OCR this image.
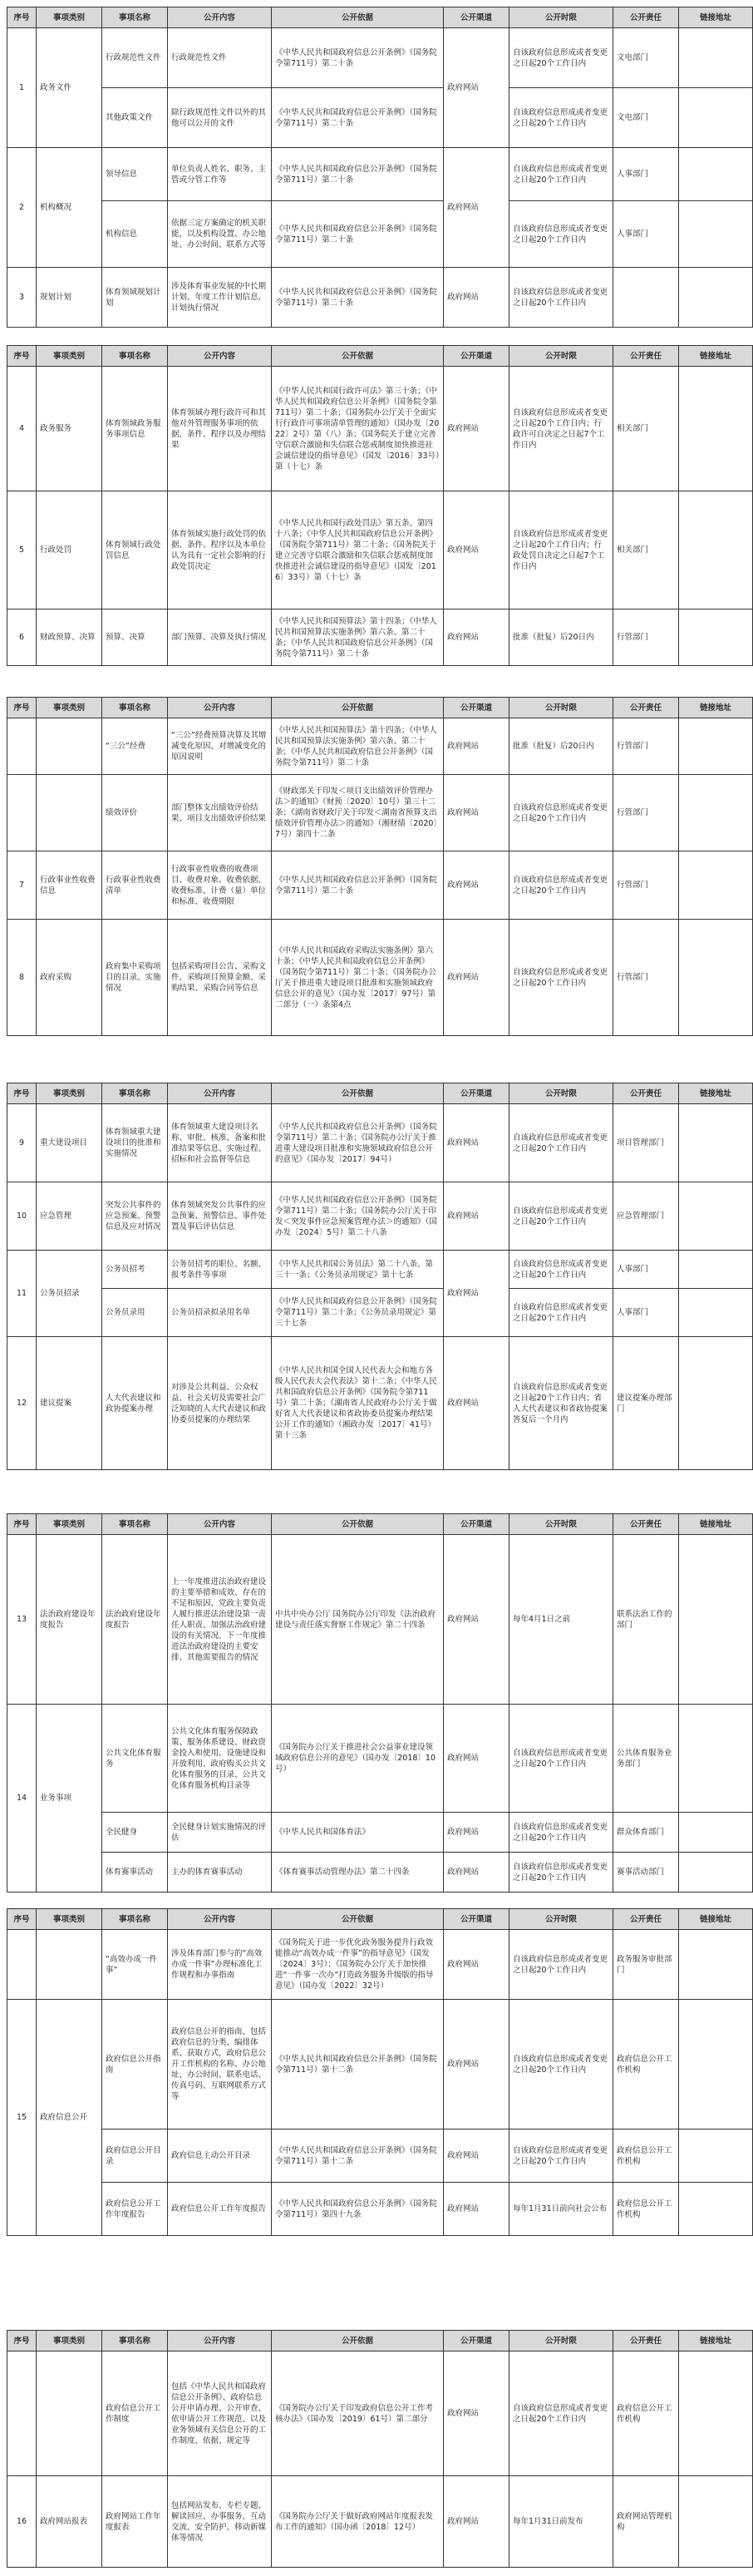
序号	事项类别	事项名称	公开内容	公开依据	公开渠道	公开时限	公开责任	链接地址
1	政务文件	行政规范性文件	行政规范性文件	《中华人民共和国政府信息公开条例》（国务院令第711号）第二十条	政府网站	自该政府信息形成或者变更之日起20个工作日内	文电部门	
		其他政策文件	除行政规范性文件以外的其他可以公开的文件	《中华人民共和国政府信息公开条例》（国务院令第711号）第二十条		自该政府信息形成或者变更之日起20个工作日内	文电部门	
2	机构概况	领导信息	单位负责人姓名、职务、主管或分管工作等	《中华人民共和国政府信息公开条例》（国务院令第711号）第二十条	政府网站	自该政府信息形成或者变更之日起20个工作日内	人事部门	
		机构信息	依据三定方案确定的机关职能，以及机构设置、办公地址、办公时间、联系方式等	《中华人民共和国政府信息公开条例》（国务院令第711号）第二十条		自该政府信息形成或者变更之日起20个工作日内	人事部门	
3	规划计划	体育领域规划计划	涉及体育事业发展的中长期计划、年度工作计划信息、计划执行情况	《中华人民共和国政府信息公开条例》（国务院令第711号）第二十条	政府网站	自该政府信息形成或者变更之日起20个工作日内		
序号	事项类别	事项名称	公开内容	公开依据	公开渠道	公开时限	公开责任	链接地址
4	政务服务	体育领域政务服务事项信息	体育领域办理行政许可和其他对外管理服务事项的依据、条件、程序以及办理结果	《中华人民共和国行政许可法》第三十条；《中华人民共和国政府信息公开条例》（国务院令第711号）第二十条；《国务院办公厅关于全面实行行政许可事项清单管理的通知》（国办发〔2022〕2号）第（八）条；《国务院关于建立完善守信联合激励和失信联合惩戒制度加快推进社会诚信建设的指导意见》（国发〔2016〕33号）第（十七）条	政府网站	自该政府信息形成或者变更之日起20个工作日内；行政许可自决定之日起7个工作日内	相关部门	
5	行政处罚	体育领域行政处罚信息	体育领域实施行政处罚的依据、条件、程序以及本单位认为具有一定社会影响的行政处罚决定	《中华人民共和国行政处罚法》第五条、第四十八条；《中华人民共和国政府信息公开条例》（国务院令第711号）第二十条；《国务院关于建立完善守信联合激励和失信联合惩戒制度加快推进社会诚信建设的指导意见》（国发〔2016〕33号）第（十七）条	政府网站	自该政府信息形成或者变更之日起20个工作日内；行政处罚自决定之日起7个工作日内	相关部门	
6	财政预算、决算	预算、决算	部门预算、决算及执行情况	《中华人民共和国预算法》第十四条；《中华人民共和国预算法实施条例》第六条、第二十条；《中华人民共和国政府信息公开条例》（国务院令第711号）第二十条	政府网站	批准（批复）后20日内	行管部门	
序号	事项类别	事项名称	公开内容	公开依据	公开渠道	公开时限	公开责任	链接地址
		“三公”经费	“三公”经费预算决算及其增减变化原因、对增减变化的原因说明	《中华人民共和国预算法》第十四条；《中华人民共和国预算法实施条例》第六条、第二十条；《中华人民共和国政府信息公开条例》（国务院令第711号）第二十条	政府网站	批准（批复）后20日内	行管部门	
		绩效评价	部门整体支出绩效评价结果、项目支出绩效评价结果	《财政部关于印发＜项目支出绩效评价管理办法＞的通知》（财预〔2020〕10号）第三十二条；《湖南省财政厅关于印发＜湖南省预算支出绩效评价管理办法＞的通知》（湘财绩〔2020〕7号）第四十二条	政府网站	自该政府信息形成或者变更之日起20个工作日内	行管部门	
7	行政事业性收费信息	行政事业性收费清单	行政事业性收费的收费项目、收费对象、收费依据、收费标准、计费（量）单位和标准、收费期限	《中华人民共和国政府信息公开条例》（国务院令第711号）第二十条	政府网站	自该政府信息形成或者变更之日起20个工作日内	行管部门	
8	政府采购	政府集中采购项目的目录、实施情况	包括采购项目公告、采购文件、采购项目预算金额、采购结果、采购合同等信息	《中华人民共和国政府采购法实施条例》第六十条；《中华人民共和国政府信息公开条例》（国务院令第711号）第二十条；《国务院办公厅关于推进重大建设项目批准和实施领域政府信息公开的意见》（国办发〔2017〕97号）第二部分（一）条第4点	政府网站	自该政府信息形成或者变更之日起20个工作日内	行管部门	
序号	事项类别	事项名称	公开内容	公开依据	公开渠道	公开时限	公开责任	链接地址
9	重大建设项目	体育领域重大建设项目的批准和实施情况	体育领域重大建设项目名称、审批、核准、备案和批准结果等信息、实施过程、招标和社会监督等信息	《中华人民共和国政府信息公开条例》（国务院令第711号）第二十条；《国务院办公厅关于推进重大建设项目批准和实施领域政府信息公开的意见》（国办发〔2017〕94号）	政府网站	自该政府信息形成或者变更之日起20个工作日内	项目管理部门	
10	应急管理	突发公共事件的应急预案、预警信息及应对情况	体育领域突发公共事件的应急预案、预警信息、事件处置及事后评估信息	《中华人民共和国政府信息公开条例》（国务院令第711号）第二十条；《国务院办公厅关于印发＜突发事件应急预案管理办法＞的通知》（国办发〔2024〕5号）第二十八条	政府网站	自该政府信息形成或者变更之日起20个工作日内	应急管理部门	
11	公务员招录	公务员招考	公务员招考的职位、名额、报考条件等事项	《中华人民共和国公务员法》第二十八条、第三十一条；《公务员录用规定》第十七条	政府网站	自该政府信息形成或者变更之日起20个工作日内	人事部门	
		公务员录用	公务员招录拟录用名单	《中华人民共和国政府信息公开条例》（国务院令第711号）第二十条；《公务员录用规定》第三十七条		自该政府信息形成或者变更之日起20个工作日内	人事部门	
12	建议提案	人大代表建议和政协提案办理	对涉及公共利益、公众权益、社会关切及需要社会广泛知晓的人大代表建议和政协委员提案的办理结果	《中华人民共和国全国人民代表大会和地方各级人民代表大会代表法》第十二条；《中华人民共和国政府信息公开条例》（国务院令第711号）第二十条；《湖南省人民政府办公厅关于做好省人大代表建议和省政协委员提案办理结果公开工作的通知》（湘政办发〔2017〕41号）第十三条	政府网站	自该政府信息形成或者变更之日起20个工作日内；省人大代表建议和省政协提案答复后一个月内	建议提案办理部门	
序号	事项类别	事项名称	公开内容	公开依据	公开渠道	公开时限	公开责任	链接地址
13	法治政府建设年度报告	法治政府建设年度报告	上一年度推进法治政府建设的主要举措和成效、存在的不足和原因、党政主要负责人履行推进法治建设第一责任人职责、加强法治政府建设的有关情况、下一年度推进法治政府建设的主要安排、其他需要报告的情况	中共中央办公厅 国务院办公厅印发《法治政府建设与责任落实督察工作规定》第二十四条	政府网站	每年4月1日之前	联系法治工作的部门	
14	业务事项	公共文化体育服务	公共文化体育服务保障政策、服务体系建设、财政资金投入和使用、设施建设和开放利用、政府购买公共文化体育服务的目录、公共文化体育服务机构目录等	《国务院办公厅关于推进社会公益事业建设领域政府信息公开的意见》（国办发〔2018〕10号）	政府网站	自该政府信息形成或者变更之日起20个工作日内	公共体育服务业务部门	
		全民健身	全民健身计划实施情况的评估	《中华人民共和国体育法》	政府网站	自该政府信息形成或者变更之日起20个工作日内	群众体育部门	
		体育赛事活动	主办的体育赛事活动	《体育赛事活动管理办法》第二十四条	政府网站	自该政府信息形成或者变更之日起20个工作日内	赛事活动部门	
序号	事项类别	事项名称	公开内容	公开依据	公开渠道	公开时限	公开责任	链接地址
		“高效办成一件事”	涉及体育部门参与的“高效办成一件事”办理标准化工作规程和办事指南	《国务院关于进一步优化政务服务提升行政效能推动“高效办成一件事”的指导意见》（国发〔2024〕3号）；《国务院办公厅关于加快推进“一件事一次办”打造政务服务升级版的指导意见》（国办发〔2022〕32号）	政府网站	自该政府信息形成或者变更之日起20个工作日内	政务服务审批部门	
15	政府信息公开	政府信息公开指南	政府信息公开的指南，包括政府信息的分类、编排体系、获取方式，政府信息公开工作机构的名称、办公地址、办公时间、联系电话、传真号码、互联网联系方式等	《中华人民共和国政府信息公开条例》（国务院令第711号）第十二条	政府网站	自该政府信息形成或者变更之日起20个工作日内	政府信息公开工作机构	
		政府信息公开目录	政府信息主动公开目录	《中华人民共和国政府信息公开条例》（国务院令第711号）第十二条	政府网站	自该政府信息形成或者变更之日起20个工作日内	政府信息公开工作机构	
		政府信息公开工作年度报告	政府信息公开工作年度报告	《中华人民共和国政府信息公开条例》（国务院令第711号）第四十九条	政府网站	每年1月31日前向社会公布	政府信息公开工作机构	
序号	事项类别	事项名称	公开内容	公开依据	公开渠道	公开时限	公开责任	链接地址
		政府信息公开工作制度	包括《中华人民共和国政府信息公开条例》、政府信息公开申请办理、公开审查、依申请公开工作规范、以及业务领域有关信息公开的工作制度、依据、规定等	《国务院办公厅关于印发政府信息公开工作考核办法》（国办发〔2019〕61号）第二部分	政府网站	自该政府信息形成或者变更之日起20个工作日内	政府信息公开工作机构	
16	政府网站报表	政府网站工作年度报表	包括网站发布、专栏专题、解读回应、办事服务、互动交流、安全防护、移动新媒体等情况	《国务院办公厅关于做好政府网站年度报表发布工作的通知》（国办函〔2018〕12号）	政府网站	每年1月31日前发布	政府网站管理机构	
